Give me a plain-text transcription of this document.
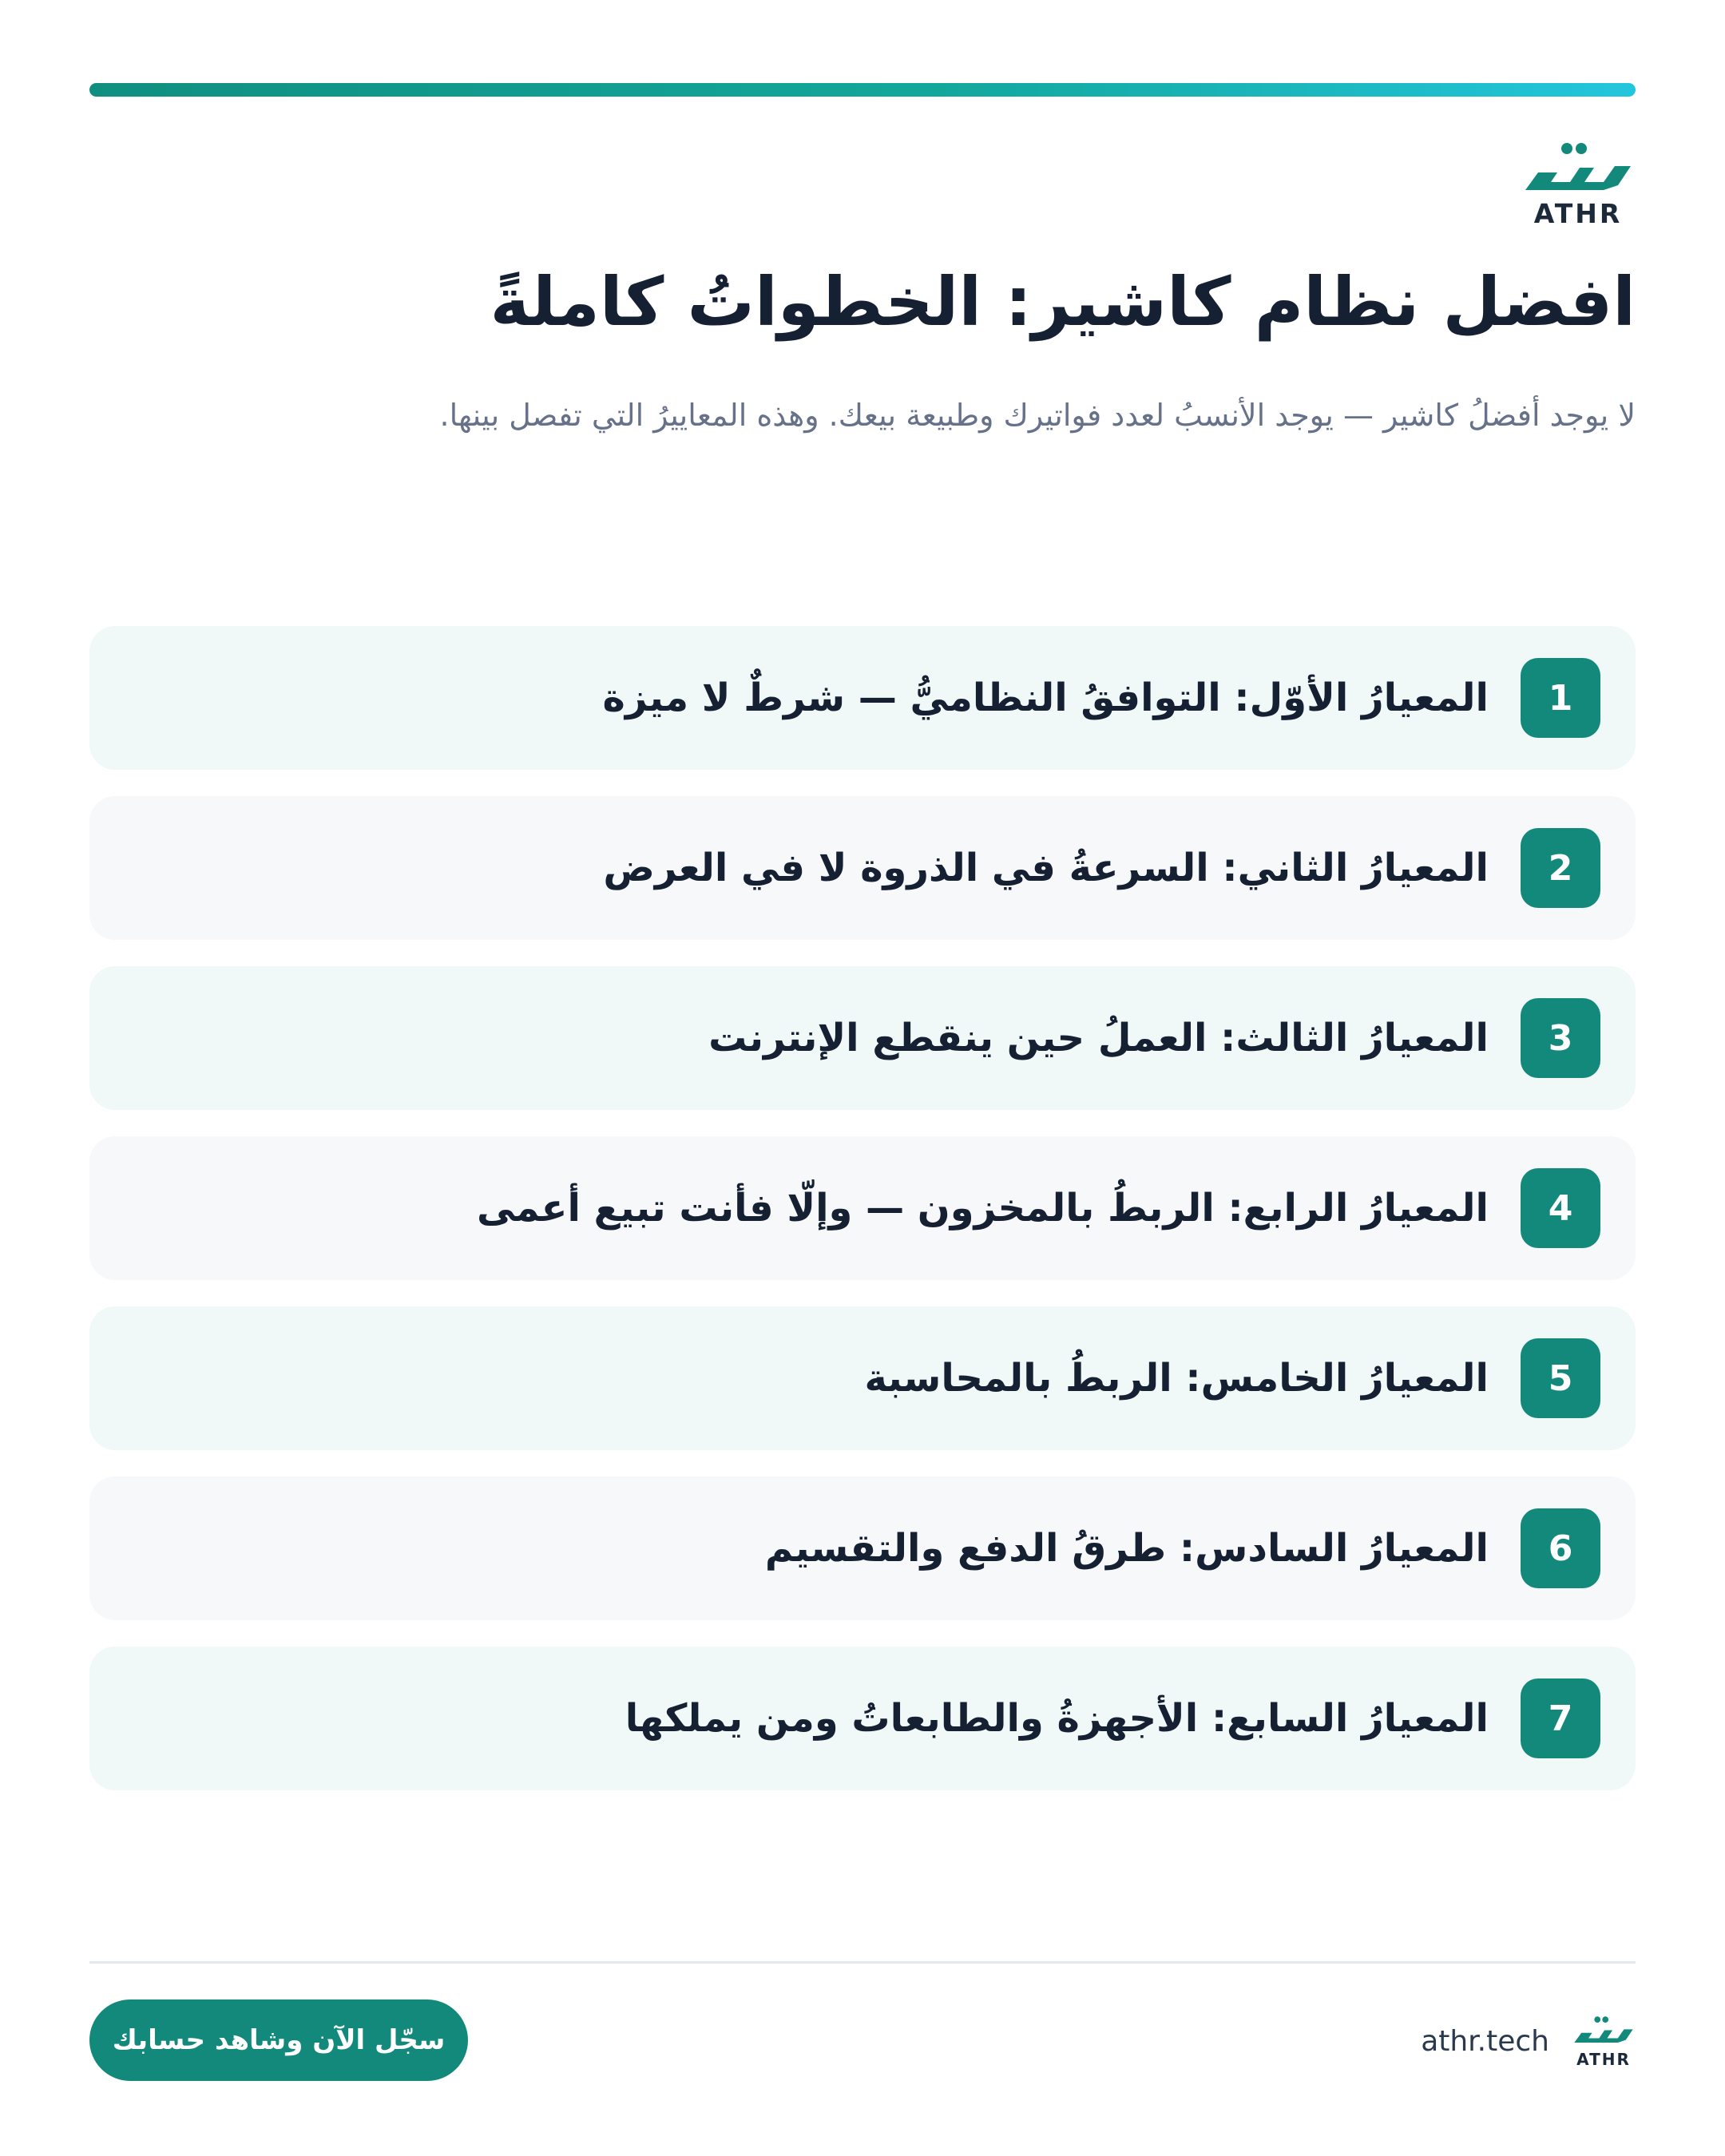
ATHR
افضل نظام كاشير: الخطواتُ كاملةً

لا يوجد أفضلُ كاشير — يوجد الأنسبُ لعدد فواتيرك وطبيعة بيعك. وهذه المعاييرُ التي تفصل بينها.

1
المعيارُ الأوّل: التوافقُ النظاميُّ — شرطٌ لا ميزة
2
المعيارُ الثاني: السرعةُ في الذروة لا في العرض
3
المعيارُ الثالث: العملُ حين ينقطع الإنترنت
4
المعيارُ الرابع: الربطُ بالمخزون — وإلّا فأنت تبيع أعمى
5
المعيارُ الخامس: الربطُ بالمحاسبة
6
المعيارُ السادس: طرقُ الدفع والتقسيم
7
المعيارُ السابع: الأجهزةُ والطابعاتُ ومن يملكها
سجّل الآن وشاهد حسابك	athr.tech
ATHR
